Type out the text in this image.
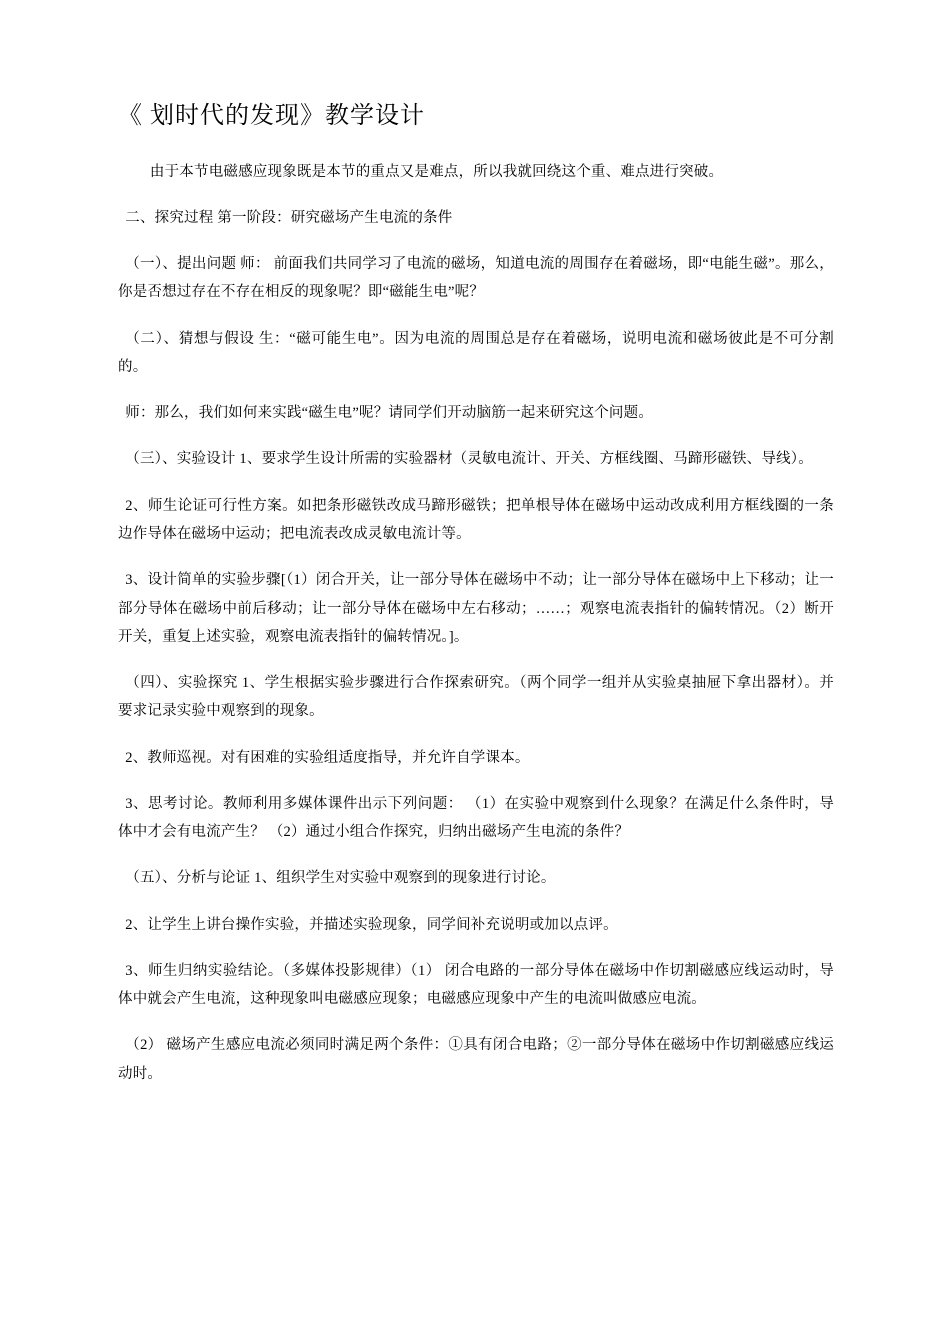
《 划时代的发现》教学设计

由于本节电磁感应现象既是本节的重点又是难点，所以我就回绕这个重、难点进行突破。

二、探究过程 第一阶段：研究磁场产生电流的条件

（一）、提出问题 师： 前面我们共同学习了电流的磁场，知道电流的周围存在着磁场，即“电能生磁”。那么，你是否想过存在不存在相反的现象呢？即“磁能生电”呢？

（二）、猜想与假设 生：“磁可能生电”。因为电流的周围总是存在着磁场，说明电流和磁场彼此是不可分割的。

师：那么，我们如何来实践“磁生电”呢？请同学们开动脑筋一起来研究这个问题。

（三）、实验设计 1、要求学生设计所需的实验器材（灵敏电流计、开关、方框线圈、马蹄形磁铁、导线）。

2、师生论证可行性方案。如把条形磁铁改成马蹄形磁铁；把单根导体在磁场中运动改成利用方框线圈的一条边作导体在磁场中运动；把电流表改成灵敏电流计等。

3、设计简单的实验步骤[（1）闭合开关，让一部分导体在磁场中不动；让一部分导体在磁场中上下移动；让一部分导体在磁场中前后移动；让一部分导体在磁场中左右移动；……；观察电流表指针的偏转情况。（2）断开开关，重复上述实验，观察电流表指针的偏转情况。]。

（四）、实验探究 1、学生根据实验步骤进行合作探索研究。（两个同学一组并从实验桌抽屉下拿出器材）。并要求记录实验中观察到的现象。

2、教师巡视。对有困难的实验组适度指导，并允许自学课本。

3、思考讨论。教师利用多媒体课件出示下列问题： （1）在实验中观察到什么现象？在满足什么条件时，导体中才会有电流产生？ （2）通过小组合作探究，归纳出磁场产生电流的条件？

（五）、分析与论证 1、组织学生对实验中观察到的现象进行讨论。

2、让学生上讲台操作实验，并描述实验现象，同学间补充说明或加以点评。

3、师生归纳实验结论。（多媒体投影规律）（1） 闭合电路的一部分导体在磁场中作切割磁感应线运动时，导体中就会产生电流，这种现象叫电磁感应现象；电磁感应现象中产生的电流叫做感应电流。

（2） 磁场产生感应电流必须同时满足两个条件：①具有闭合电路；②一部分导体在磁场中作切割磁感应线运动时。
